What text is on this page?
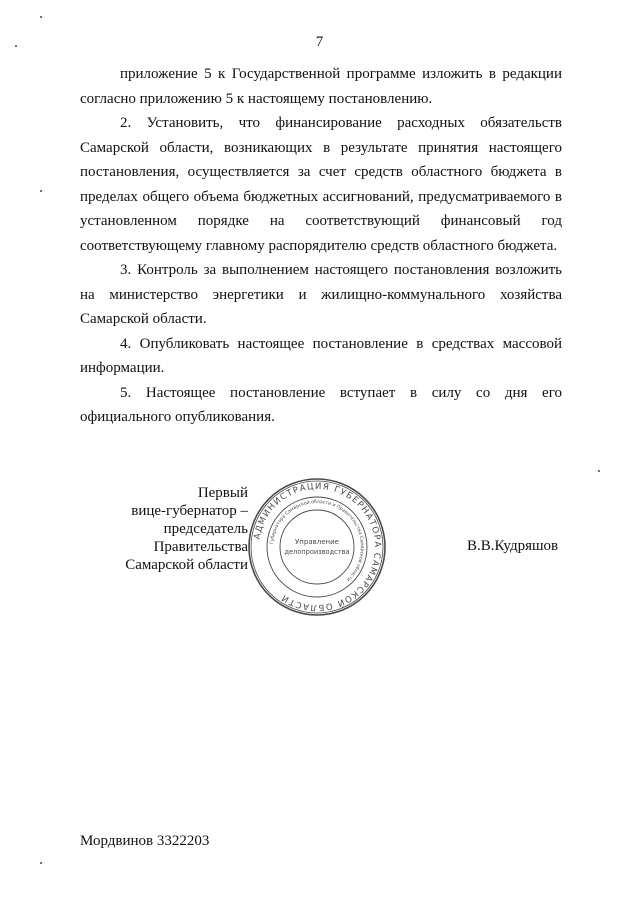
7

приложение 5 к Государственной программе изложить в редакции согласно приложению 5 к настоящему постановлению.

2. Установить, что финансирование расходных обязательств Самарской области, возникающих в результате принятия настоящего постановления, осуществляется за счет средств областного бюджета в пределах общего объема бюджетных ассигнований, предусматриваемого в установленном порядке на соответствующий финансовый год соответствующему главному распорядителю средств областного бюджета.

3. Контроль за выполнением настоящего постановления возложить на министерство энергетики и жилищно-коммунального хозяйства Самарской области.

4. Опубликовать настоящее постановление в средствах массовой информации.

5. Настоящее постановление вступает в силу со дня его официального опубликования.

Первый
вице-губернатор –
председатель Правительства
Самарской области
АДМИНИСТРАЦИЯ ГУБЕРНАТОРА САМАРСКОЙ ОБЛАСТИ
Губернатора Самарской области и Правительства Самарской области
Управление
делопроизводства	В.В.Кудряшов
Мордвинов 3322203
